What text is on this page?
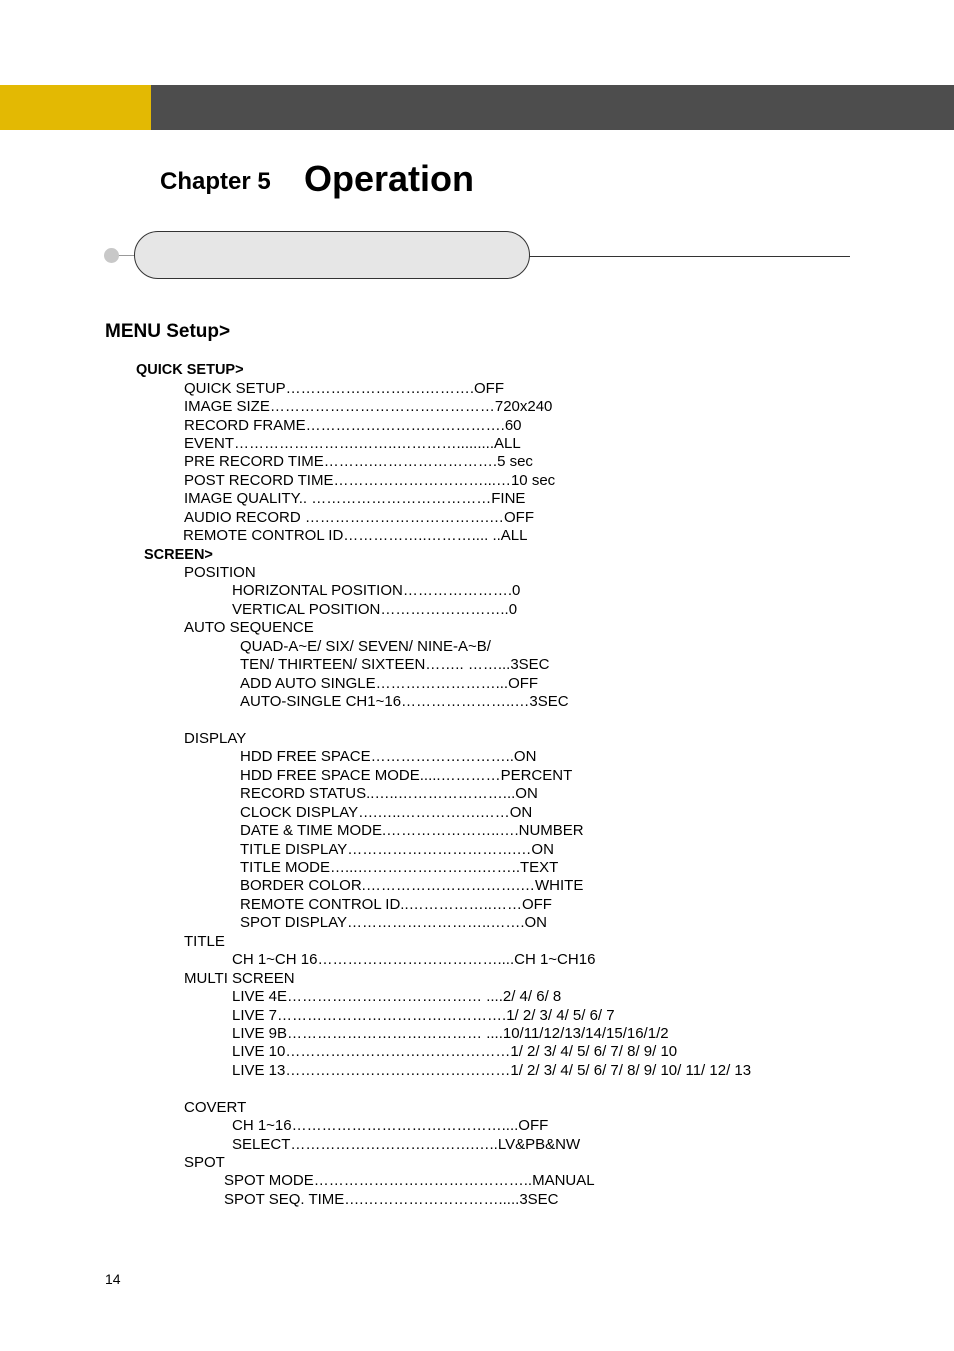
Chapter 5 Operation
MENU Setup>
QUICK SETUP>
QUICK SETUP……………………….……….OFF
IMAGE SIZE………………………………………720x240
RECORD FRAME………………………………….60
EVENT…………………….……..………….........ALL
PRE RECORD TIME……….…………………….5 sec
POST RECORD TIME…………………………...…10 sec
IMAGE QUALITY.. ………………………………FINE
AUDIO RECORD ……………………………….…OFF
REMOTE CONTROL ID……………..……….... ..ALL
SCREEN>
POSITION
HORIZONTAL POSITION………………….0
VERTICAL POSITION……………………..0
AUTO SEQUENCE
QUAD-A~E/ SIX/ SEVEN/ NINE-A~B/
TEN/ THIRTEEN/ SIXTEEN…….. ……...3SEC
ADD AUTO SINGLE……………………...OFF
AUTO-SINGLE CH1~16…………………..…3SEC
DISPLAY
HDD FREE SPACE………………………..ON
HDD FREE SPACE MODE.....…………PERCENT
RECORD STATUS..…..…………………...ON
CLOCK DISPLAY….…..…………….……ON
DATE & TIME MODE.…………………..….NUMBER
TITLE DISPLAY…………………………….…ON
TITLE MODE…...…………………….……..TEXT
BORDER COLOR.………………………….…WHITE
REMOTE CONTROL ID..……………..……OFF
SPOT DISPLAY………………………..…….ON
TITLE
CH 1~CH 16………………………………....CH 1~CH16
MULTI SCREEN
LIVE 4E………………………………… ....2/ 4/ 6/ 8
LIVE 7……………………………………….1/ 2/ 3/ 4/ 5/ 6/ 7
LIVE 9B………………………………… ....10/11/12/13/14/15/16/1/2
LIVE 10………………………………………1/ 2/ 3/ 4/ 5/ 6/ 7/ 8/ 9/ 10
LIVE 13………………………………………1/ 2/ 3/ 4/ 5/ 6/ 7/ 8/ 9/ 10/ 11/ 12/ 13
COVERT
CH 1~16……………………………………....OFF
SELECT……………………………….…..LV&PB&NW
SPOT
SPOT MODE……………………………………..MANUAL
SPOT SEQ. TIME….……………………….....3SEC
14
